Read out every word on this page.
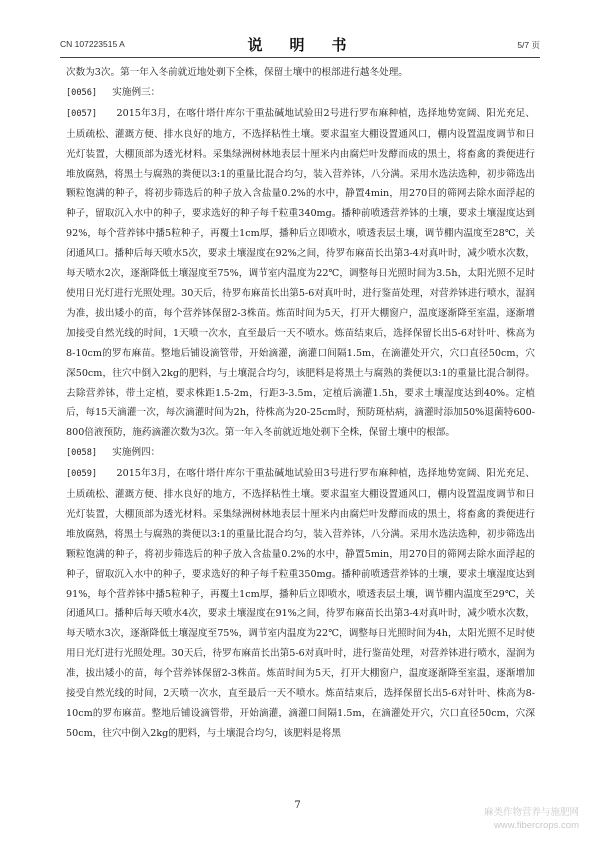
CN 107223515 A	说　明　书	5/7 页

次数为3次。第一年入冬前就近地处剃下全株，保留土壤中的根部进行越冬处理。

[0056] 实施例三：

[0057] 2015年3月，在喀什塔什库尔干重盐碱地试验田2号进行罗布麻种植，选择地势宽阔、阳光充足、土质疏松、灌溉方便、排水良好的地方，不选择粘性土壤。要求温室大棚设置通风口，棚内设置温度调节和日光灯装置，大棚顶部为透光材料。采集绿洲树林地表层十厘米内由腐烂叶发酵而成的黑土，将畜禽的粪便进行堆放腐熟，将黑土与腐熟的粪便以3:1的重量比混合均匀，装入营养钵，八分满。采用水选法选种，初步筛选出颗粒饱满的种子，将初步筛选后的种子放入含盐量0.2%的水中，静置4min，用270目的筛网去除水面浮起的种子，留取沉入水中的种子，要求选好的种子每千粒重340mg。播种前喷透营养钵的土壤，要求土壤湿度达到92%，每个营养钵中播5粒种子，再覆土1cm厚，播种后立即喷水，喷透表层土壤，调节棚内温度至28℃，关闭通风口。播种后每天喷水5次，要求土壤湿度在92%之间，待罗布麻苗长出第3-4对真叶时，减少喷水次数，每天喷水2次，逐渐降低土壤湿度至75%，调节室内温度为22℃，调整每日光照时间为3.5h，太阳光照不足时使用日光灯进行光照处理。30天后，待罗布麻苗长出第5-6对真叶时，进行鉴苗处理，对营养钵进行喷水，湿润为准，拔出矮小的苗，每个营养钵保留2-3株苗。炼苗时间为5天，打开大棚窗户，温度逐渐降至室温，逐渐增加接受自然光线的时间，1天喷一次水，直至最后一天不喷水。炼苗结束后，选择保留长出5-6对针叶、株高为8-10cm的罗布麻苗。整地后铺设滴管带，开始滴灌，滴灌口间隔1.5m，在滴灌处开穴，穴口直径50cm，穴深50cm，往穴中倒入2kg的肥料，与土壤混合均匀，该肥料是将黑土与腐熟的粪便以3:1的重量比混合制得。去除营养钵，带土定植，要求株距1.5-2m，行距3-3.5m，定植后滴灌1.5h，要求土壤湿度达到40%。定植后，每15天滴灌一次，每次滴灌时间为2h，待株高为20-25cm时，预防斑枯病，滴灌时添加50%退菌特600-800倍液预防，施药滴灌次数为3次。第一年入冬前就近地处剃下全株，保留土壤中的根部。

[0058] 实施例四：

[0059] 2015年3月，在喀什塔什库尔干重盐碱地试验田3号进行罗布麻种植，选择地势宽阔、阳光充足、土质疏松、灌溉方便、排水良好的地方，不选择粘性土壤。要求温室大棚设置通风口，棚内设置温度调节和日光灯装置，大棚顶部为透光材料。采集绿洲树林地表层十厘米内由腐烂叶发酵而成的黑土，将畜禽的粪便进行堆放腐熟，将黑土与腐熟的粪便以3:1的重量比混合均匀，装入营养钵，八分满。采用水选法选种，初步筛选出颗粒饱满的种子，将初步筛选后的种子放入含盐量0.2%的水中，静置5min，用270目的筛网去除水面浮起的种子，留取沉入水中的种子，要求选好的种子每千粒重350mg。播种前喷透营养钵的土壤，要求土壤湿度达到91%，每个营养钵中播5粒种子，再覆土1cm厚，播种后立即喷水，喷透表层土壤，调节棚内温度至29℃，关闭通风口。播种后每天喷水4次，要求土壤湿度在91%之间，待罗布麻苗长出第3-4对真叶时，减少喷水次数，每天喷水3次，逐渐降低土壤湿度至75%，调节室内温度为22℃，调整每日光照时间为4h，太阳光照不足时使用日光灯进行光照处理。30天后，待罗布麻苗长出第5-6对真叶时，进行鉴苗处理，对营养钵进行喷水，湿润为准，拔出矮小的苗，每个营养钵保留2-3株苗。炼苗时间为5天，打开大棚窗户，温度逐渐降至室温，逐渐增加接受自然光线的时间，2天喷一次水，直至最后一天不喷水。炼苗结束后，选择保留长出5-6对针叶、株高为8-10cm的罗布麻苗。整地后铺设滴管带，开始滴灌，滴灌口间隔1.5m，在滴灌处开穴，穴口直径50cm，穴深50cm，往穴中倒入2kg的肥料，与土壤混合均匀，该肥料是将黑

7
麻类作物营养与施肥网
www.fibercrops.com
